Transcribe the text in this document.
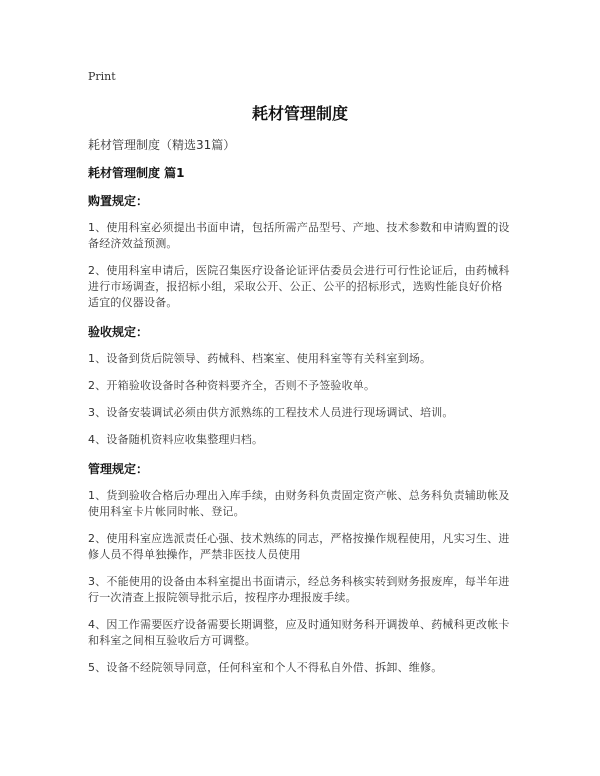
Print

耗材管理制度

耗材管理制度（精选31篇）

耗材管理制度 篇1

购置规定：

1、使用科室必须提出书面申请，包括所需产品型号、产地、技术参数和申请购置的设备经济效益预测。

2、使用科室申请后，医院召集医疗设备论证评估委员会进行可行性论证后，由药械科进行市场调查，报招标小组，采取公开、公正、公平的招标形式，选购性能良好价格适宜的仪器设备。

验收规定：

1、设备到货后院领导、药械科、档案室、使用科室等有关科室到场。

2、开箱验收设备时各种资料要齐全，否则不予签验收单。

3、设备安装调试必须由供方派熟练的工程技术人员进行现场调试、培训。

4、设备随机资料应收集整理归档。

管理规定：

1、货到验收合格后办理出入库手续，由财务科负责固定资产帐、总务科负责辅助帐及使用科室卡片帐同时帐、登记。

2、使用科室应选派责任心强、技术熟练的同志，严格按操作规程使用，凡实习生、进修人员不得单独操作，严禁非医技人员使用

3、不能使用的设备由本科室提出书面请示，经总务科核实转到财务报废库，每半年进行一次清查上报院领导批示后，按程序办理报废手续。

4、因工作需要医疗设备需要长期调整，应及时通知财务科开调拨单、药械科更改帐卡和科室之间相互验收后方可调整。

5、设备不经院领导同意，任何科室和个人不得私自外借、拆卸、维修。
